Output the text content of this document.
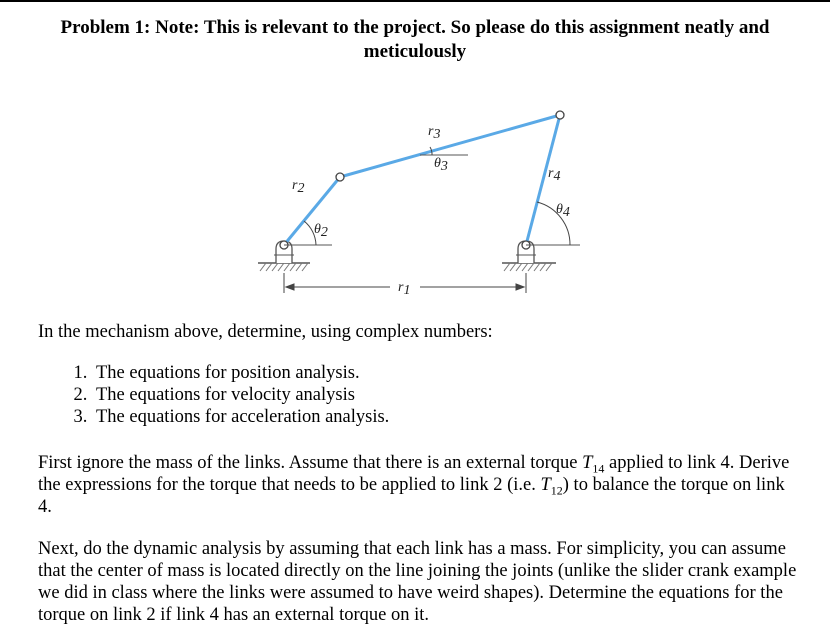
Problem 1: Note: This is relevant to the project. So please do this assignment neatly and meticulously
r1
r2
r3
r4
θ2
θ3
θ4
In the mechanism above, determine, using complex numbers:
1. The equations for position analysis.
2. The equations for velocity analysis
3. The equations for acceleration analysis.
First ignore the mass of the links. Assume that there is an external torque $T_{14}$ applied to link 4. Derive the expressions for the torque that needs to be applied to link 2 (i.e. $T_{12}$) to balance the torque on link 4.
Next, do the dynamic analysis by assuming that each link has a mass. For simplicity, you can assume that the center of mass is located directly on the line joining the joints (unlike the slider crank example we did in class where the links were assumed to have weird shapes). Determine the equations for the torque on link 2 if link 4 has an external torque on it.
